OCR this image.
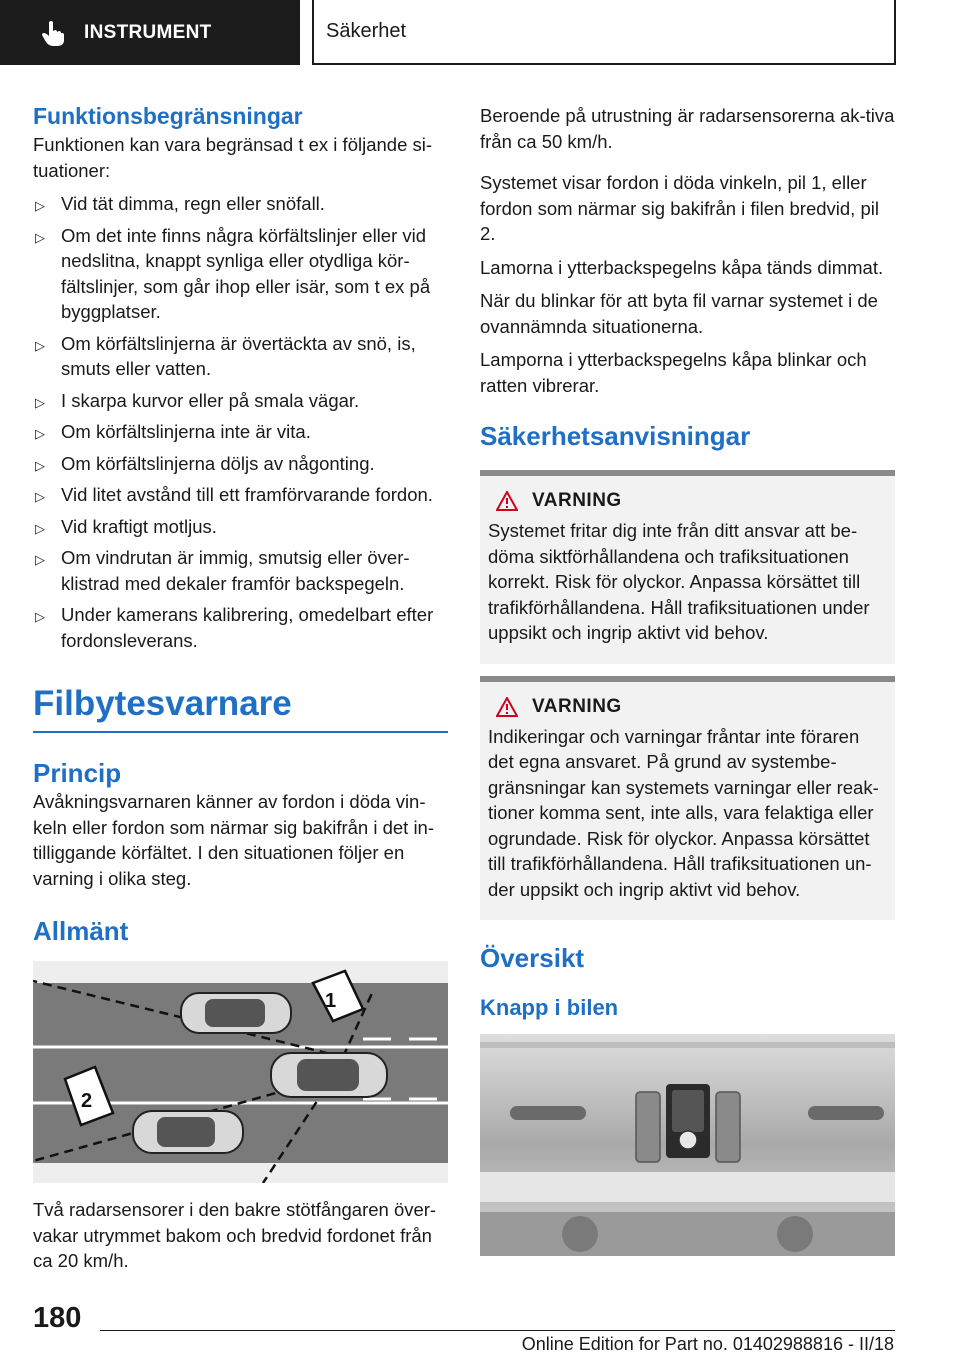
INSTRUMENT	Säkerhet
Funktionsbegränsningar
Funktionen kan vara begränsad t ex i följande si-tuationer:
▷ Vid tät dimma, regn eller snöfall.
▷ Om det inte finns några körfältslinjer eller vid nedslitna, knappt synliga eller otydliga kör-fältslinjer, som går ihop eller isär, som t ex på byggplatser.
▷ Om körfältslinjerna är övertäckta av snö, is, smuts eller vatten.
▷ I skarpa kurvor eller på smala vägar.
▷ Om körfältslinjerna inte är vita.
▷ Om körfältslinjerna döljs av någonting.
▷ Vid litet avstånd till ett framförvarande fordon.
▷ Vid kraftigt motljus.
▷ Om vindrutan är immig, smutsig eller över-klistrad med dekaler framför backspegeln.
▷ Under kamerans kalibrering, omedelbart efter fordonsleverans.
Filbytesvarnare
Princip
Avåkningsvarnaren känner av fordon i döda vin-keln eller fordon som närmar sig bakifrån i det in-tilliggande körfältet. I den situationen följer en varning i olika steg.
Allmänt
1
2
Två radarsensorer i den bakre stötfångaren över-vakar utrymmet bakom och bredvid fordonet från ca 20 km/h.
Beroende på utrustning är radarsensorerna ak-tiva från ca 50 km/h.
Systemet visar fordon i döda vinkeln, pil 1, eller fordon som närmar sig bakifrån i filen bredvid, pil 2.
Lamorna i ytterbackspegelns kåpa tänds dimmat.
När du blinkar för att byta fil varnar systemet i de ovannämnda situationerna.
Lamporna i ytterbackspegelns kåpa blinkar och ratten vibrerar.
Säkerhetsanvisningar
VARNING
Systemet fritar dig inte från ditt ansvar att be-döma siktförhållandena och trafiksituationen korrekt. Risk för olyckor. Anpassa körsättet till trafikförhållandena. Håll trafiksituationen under uppsikt och ingrip aktivt vid behov.
VARNING
Indikeringar och varningar fråntar inte föraren det egna ansvaret. På grund av systembe-gränsningar kan systemets varningar eller reak-tioner komma sent, inte alls, vara felaktiga eller ogrundade. Risk för olyckor. Anpassa körsättet till trafikförhållandena. Håll trafiksituationen un-der uppsikt och ingrip aktivt vid behov.
Översikt
Knapp i bilen
180
Online Edition for Part no. 01402988816 - II/18
